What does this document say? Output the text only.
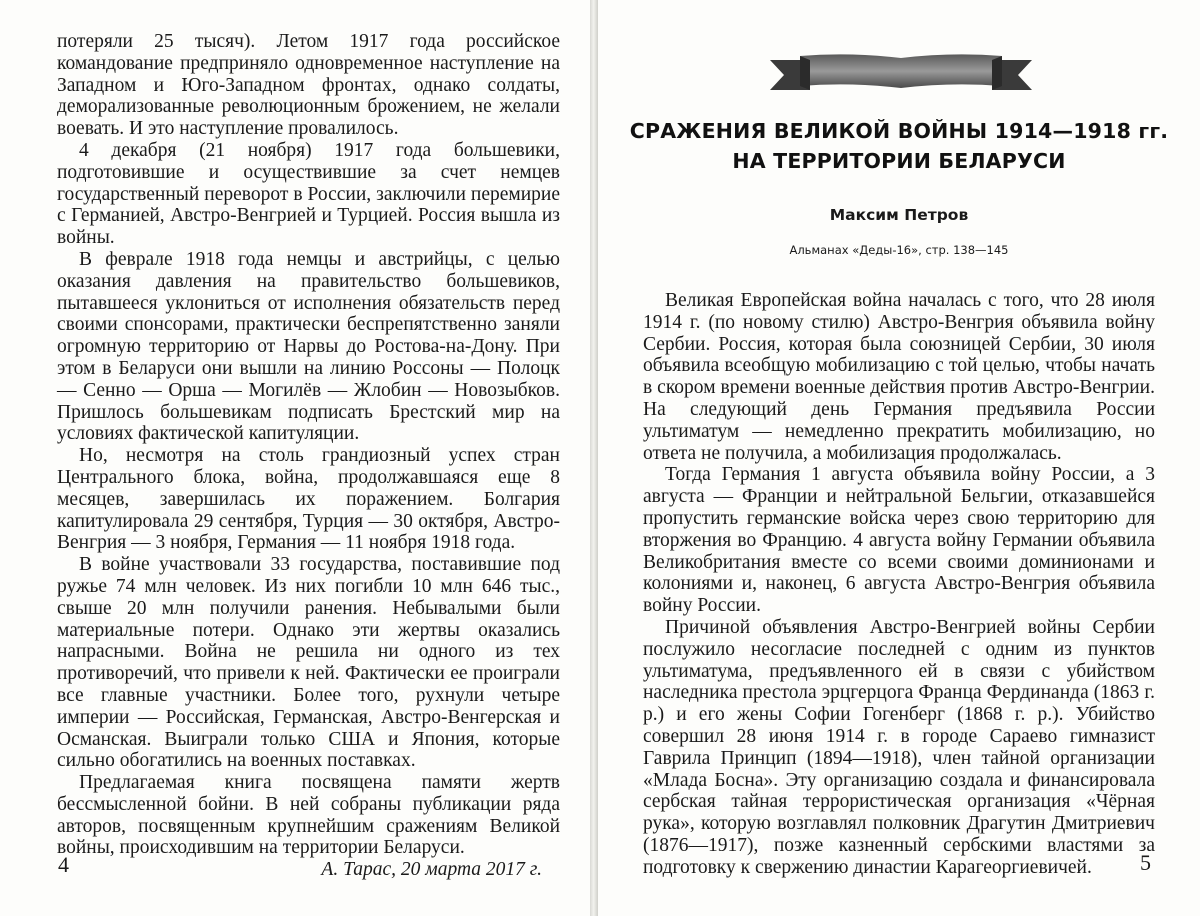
потеряли 25 тысяч). Летом 1917 года российское командование предприняло одновременное наступление на Западном и Юго-Западном фронтах, однако солдаты, деморализованные революционным брожением, не желали воевать. И это наступление провалилось.

4 декабря (21 ноября) 1917 года большевики, подготовившие и осуществившие за счет немцев государственный переворот в России, заключили перемирие с Германией, Австро-Венгрией и Турцией. Россия вышла из войны.

В феврале 1918 года немцы и австрийцы, с целью оказания давления на правительство большевиков, пытавшееся уклониться от исполнения обязательств перед своими спонсорами, практически беспрепятственно заняли огромную территорию от Нарвы до Ростова-на-Дону. При этом в Беларуси они вышли на линию Россоны — Полоцк — Сенно — Орша — Могилёв — Жлобин — Новозыбков. Пришлось большевикам подписать Брестский мир на условиях фактической капитуляции.

Но, несмотря на столь грандиозный успех стран Центрального блока, война, продолжавшаяся еще 8 месяцев, завершилась их поражением. Болгария капитулировала 29 сентября, Турция — 30 октября, Австро-Венгрия — 3 ноября, Германия — 11 ноября 1918 года.

В войне участвовали 33 государства, поставившие под ружье 74 млн человек. Из них погибли 10 млн 646 тыс., свыше 20 млн получили ранения. Небывалыми были материальные потери. Однако эти жертвы оказались напрасными. Война не решила ни одного из тех противоречий, что привели к ней. Фактически ее проиграли все главные участники. Более того, рухнули четыре империи — Российская, Германская, Австро-Венгерская и Османская. Выиграли только США и Япония, которые сильно обогатились на военных поставках.

Предлагаемая книга посвящена памяти жертв бессмысленной бойни. В ней собраны публикации ряда авторов, посвященным крупнейшим сражениям Великой войны, происходившим на территории Беларуси.

А. Тарас, 20 марта 2017 г.

4
СРАЖЕНИЯ ВЕЛИКОЙ ВОЙНЫ 1914—1918 гг.
НА ТЕРРИТОРИИ БЕЛАРУСИ
Максим Петров
Альманах «Деды-16», стр. 138—145

Великая Европейская война началась с того, что 28 июля 1914 г. (по новому стилю) Австро-Венгрия объявила войну Сербии. Россия, которая была союзницей Сербии, 30 июля объявила всеобщую мобилизацию с той целью, чтобы начать в скором времени военные действия против Австро-Венгрии. На следующий день Германия предъявила России ультиматум — немедленно прекратить мобилизацию, но ответа не получила, а мобилизация продолжалась.

Тогда Германия 1 августа объявила войну России, а 3 августа — Франции и нейтральной Бельгии, отказавшейся пропустить германские войска через свою территорию для вторжения во Францию. 4 августа войну Германии объявила Великобритания вместе со всеми своими доминионами и колониями и, наконец, 6 августа Австро-Венгрия объявила войну России.

Причиной объявления Австро-Венгрией войны Сербии послужило несогласие последней с одним из пунктов ультиматума, предъявленного ей в связи с убийством наследника престола эрцгерцога Франца Фердинанда (1863 г. р.) и его жены Софии Гогенберг (1868 г. р.). Убийство совершил 28 июня 1914 г. в городе Сараево гимназист Гаврила Принцип (1894—1918), член тайной организации «Млада Босна». Эту организацию создала и финансировала сербская тайная террористическая организация «Чёрная рука», которую возглавлял полковник Драгутин Дмитриевич (1876—1917), позже казненный сербскими властями за подготовку к свержению династии Карагеоргиевичей.	5
